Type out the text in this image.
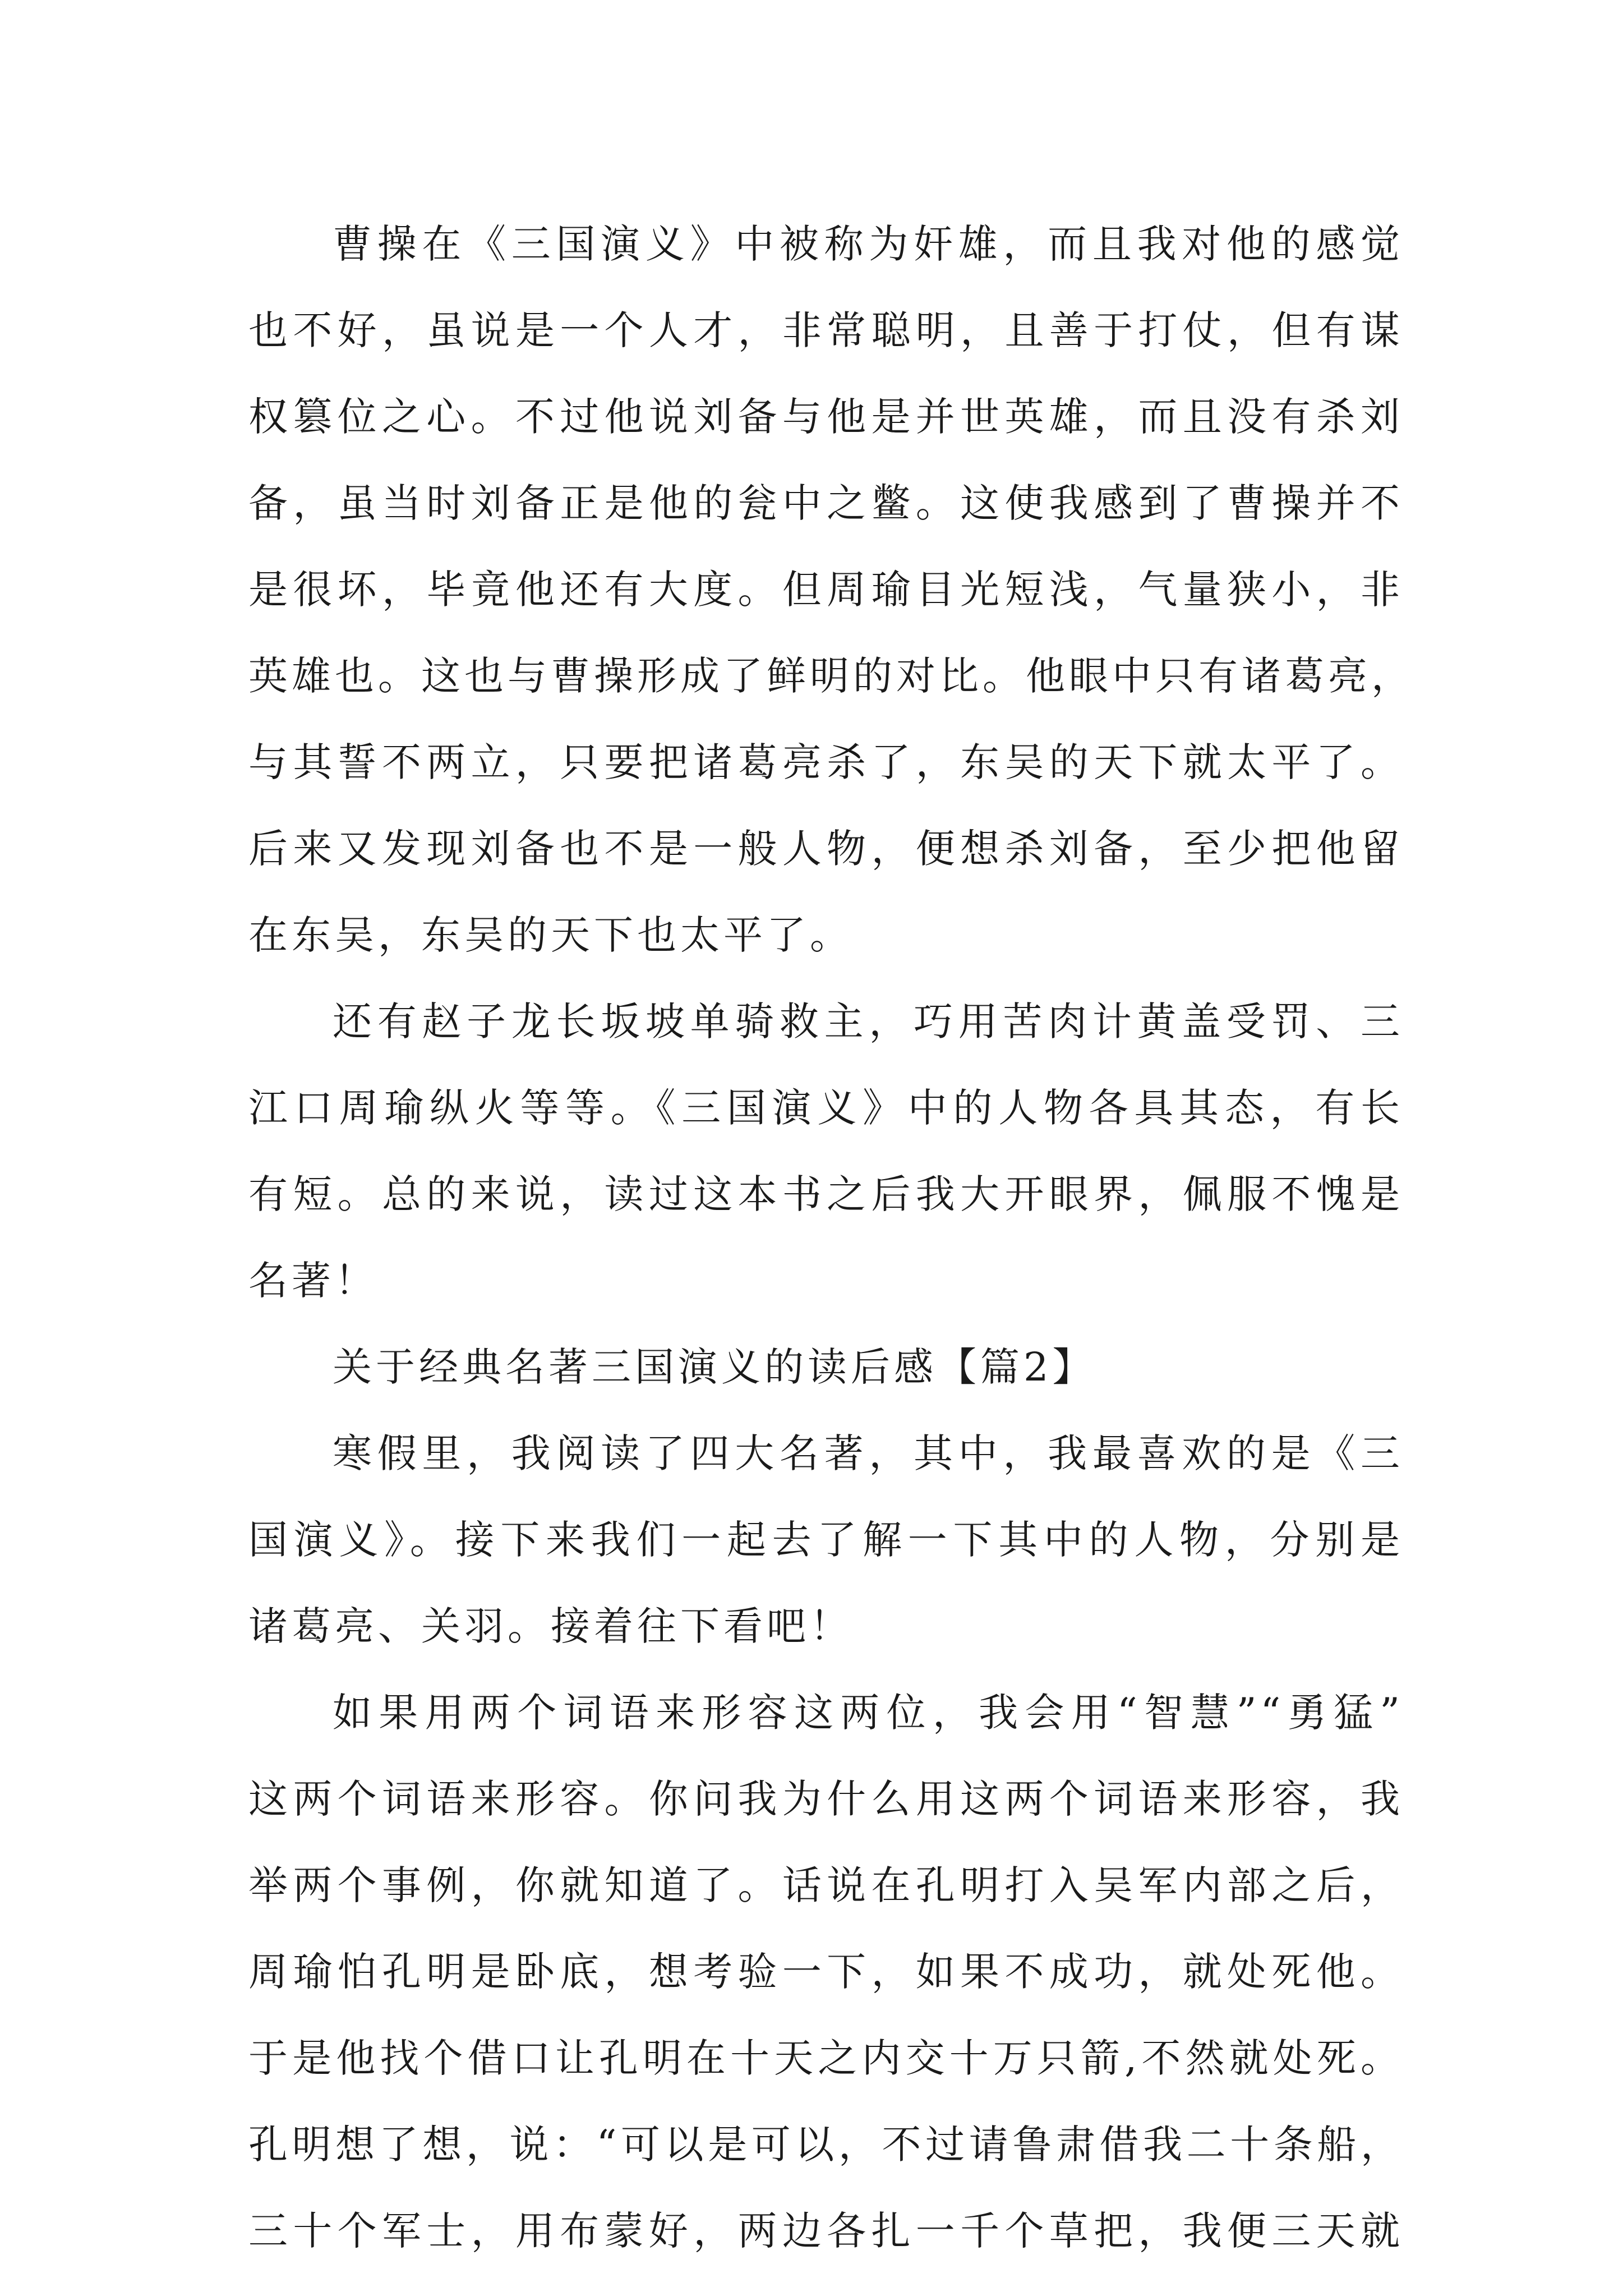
曹操在《三国演义》中被称为奸雄，而且我对他的感觉
也不好，虽说是一个人才，非常聪明，且善于打仗，但有谋
权篡位之心。不过他说刘备与他是并世英雄，而且没有杀刘
备，虽当时刘备正是他的瓮中之鳖。这使我感到了曹操并不
是很坏，毕竟他还有大度。但周瑜目光短浅，气量狭小，非
英雄也。这也与曹操形成了鲜明的对比。他眼中只有诸葛亮，
与其誓不两立，只要把诸葛亮杀了，东吴的天下就太平了。
后来又发现刘备也不是一般人物，便想杀刘备，至少把他留
在东吴，东吴的天下也太平了。
还有赵子龙长坂坡单骑救主，巧用苦肉计黄盖受罚、三
江口周瑜纵火等等。《三国演义》中的人物各具其态，有长
有短。总的来说，读过这本书之后我大开眼界，佩服不愧是
名著！
关于经典名著三国演义的读后感【篇2】
寒假里，我阅读了四大名著，其中，我最喜欢的是《三
国演义》。接下来我们一起去了解一下其中的人物，分别是
诸葛亮、关羽。接着往下看吧！
如果用两个词语来形容这两位，我会用“智慧”“勇猛”
这两个词语来形容。你问我为什么用这两个词语来形容，我
举两个事例，你就知道了。话说在孔明打入吴军内部之后，
周瑜怕孔明是卧底，想考验一下，如果不成功，就处死他。
于是他找个借口让孔明在十天之内交十万只箭,不然就处死。
孔明想了想，说：“可以是可以，不过请鲁肃借我二十条船，
三十个军士，用布蒙好，两边各扎一千个草把，我便三天就
